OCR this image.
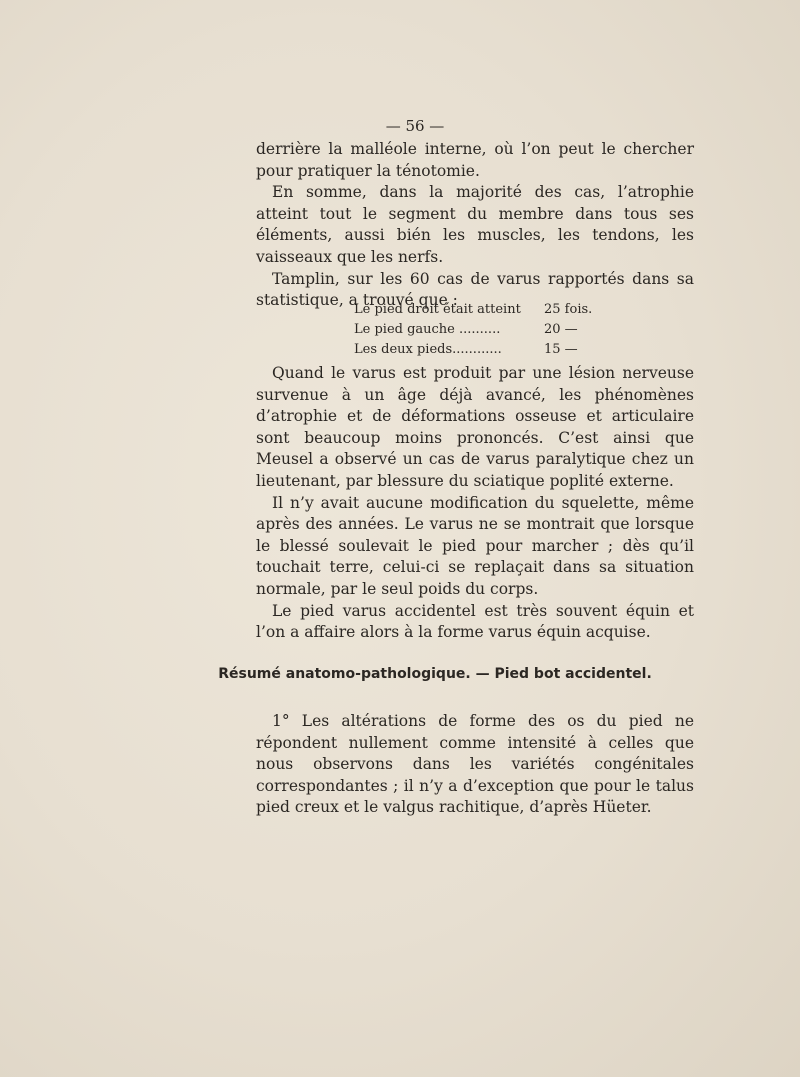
— 56 —

derrière la malléole interne, où l’on peut le chercher pour pratiquer la ténotomie.

En somme, dans la majorité des cas, l’atrophie atteint tout le segment du membre dans tous ses éléments, aussi bién les muscles, les tendons, les vaisseaux que les nerfs.

Tamplin, sur les 60 cas de varus rapportés dans sa statistique, a trouvé que :

Le pied droit était atteint	25 fois.
Le pied gauche ..........	20 —
Les deux pieds............	15 —

Quand le varus est produit par une lésion nerveuse survenue à un âge déjà avancé, les phénomènes d’atrophie et de déformations osseuse et articulaire sont beaucoup moins prononcés. C’est ainsi que Meusel a observé un cas de varus paralytique chez un lieutenant, par blessure du sciatique poplité externe.

Il n’y avait aucune modification du squelette, même après des années. Le varus ne se montrait que lorsque le blessé soulevait le pied pour marcher ; dès qu’il touchait terre, celui-ci se replaçait dans sa situation normale, par le seul poids du corps.

Le pied varus accidentel est très souvent équin et l’on a affaire alors à la forme varus équin acquise.

Résumé anatomo-pathologique. — Pied bot accidentel.

1° Les altérations de forme des os du pied ne répondent nullement comme intensité à celles que nous observons dans les variétés congénitales correspondantes ; il n’y a d’exception que pour le talus pied creux et le valgus rachitique, d’après Hüeter.
